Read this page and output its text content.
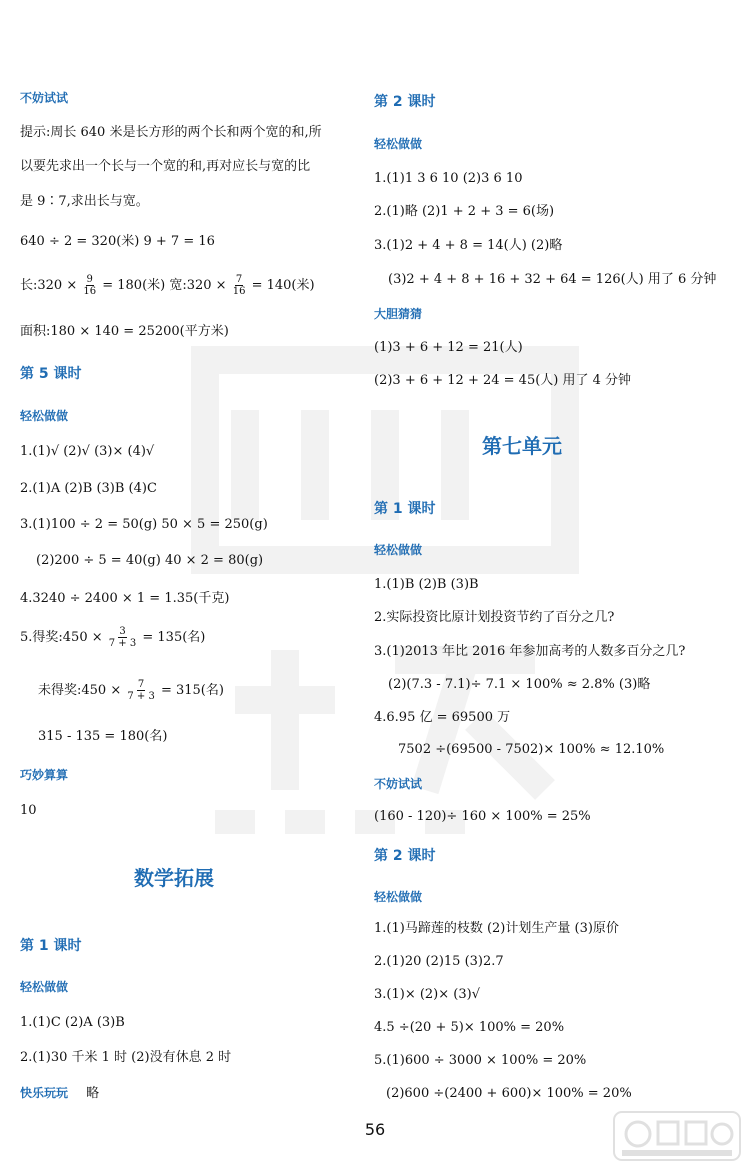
不妨试试
提示:周长 640 米是长方形的两个长和两个宽的和,所
以要先求出一个长与一个宽的和,再对应长与宽的比
是 9∶7,求出长与宽。
640 ÷ 2 = 320(米) 9 + 7 = 16
长:320 × $\frac{9}{16} = 180$(米) 宽:320 × $\frac{7}{16} = 140$(米)
面积:180 × 140 = 25200(平方米)
第 5 课时
轻松做做
1.(1)√ (2)√ (3)× (4)√
2.(1)A (2)B (3)B (4)C
3.(1)100 ÷ 2 = 50(g) 50 × 5 = 250(g)
(2)200 ÷ 5 = 40(g) 40 × 2 = 80(g)
4.3240 ÷ 2400 × 1 = 1.35(千克)
5.得奖:450 × $\frac{3}{7 + 3} = 135$(名)
未得奖:450 × $\frac{7}{7 + 3} = 315$(名)
315 - 135 = 180(名)
巧妙算算
10
数学拓展
第 1 课时
轻松做做
1.(1)C (2)A (3)B
2.(1)30 千米 1 时 (2)没有休息 2 时
快乐玩玩 略
第 2 课时
轻松做做
1.(1)1 3 6 10 (2)3 6 10
2.(1)略 (2)1 + 2 + 3 = 6(场)
3.(1)2 + 4 + 8 = 14(人) (2)略
(3)2 + 4 + 8 + 16 + 32 + 64 = 126(人) 用了 6 分钟
大胆猜猜
(1)3 + 6 + 12 = 21(人)
(2)3 + 6 + 12 + 24 = 45(人) 用了 4 分钟
第七单元
第 1 课时
轻松做做
1.(1)B (2)B (3)B
2.实际投资比原计划投资节约了百分之几?
3.(1)2013 年比 2016 年参加高考的人数多百分之几?
(2)(7.3 - 7.1)÷ 7.1 × 100% ≈ 2.8% (3)略
4.6.95 亿 = 69500 万
7502 ÷(69500 - 7502)× 100% ≈ 12.10%
不妨试试
(160 - 120)÷ 160 × 100% = 25%
第 2 课时
轻松做做
1.(1)马蹄莲的枝数 (2)计划生产量 (3)原价
2.(1)20 (2)15 (3)2.7
3.(1)× (2)× (3)√
4.5 ÷(20 + 5)× 100% = 20%
5.(1)600 ÷ 3000 × 100% = 20%
(2)600 ÷(2400 + 600)× 100% = 20%
56
